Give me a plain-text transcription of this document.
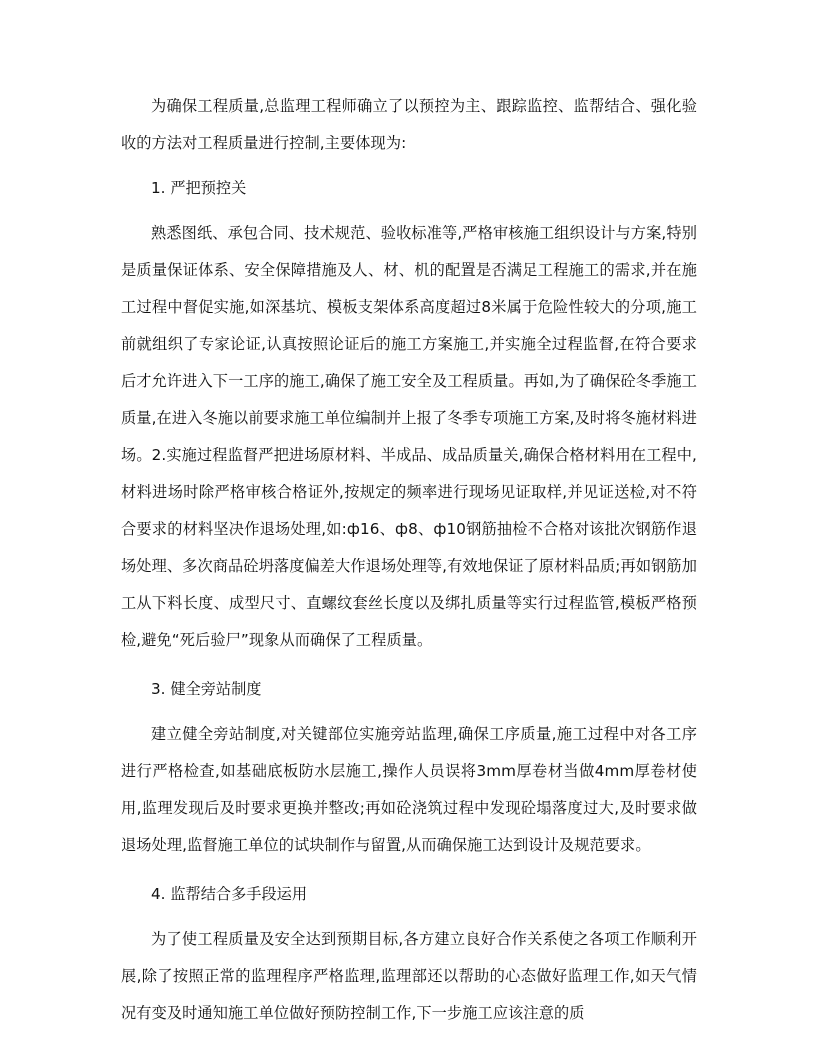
为确保工程质量,总监理工程师确立了以预控为主、跟踪监控、监帮结合、强化验收的方法对工程质量进行控制,主要体现为:

1. 严把预控关

熟悉图纸、承包合同、技术规范、验收标准等,严格审核施工组织设计与方案,特别是质量保证体系、安全保障措施及人、材、机的配置是否满足工程施工的需求,并在施工过程中督促实施,如深基坑、模板支架体系高度超过8米属于危险性较大的分项,施工前就组织了专家论证,认真按照论证后的施工方案施工,并实施全过程监督,在符合要求后才允许进入下一工序的施工,确保了施工安全及工程质量。再如,为了确保砼冬季施工质量,在进入冬施以前要求施工单位编制并上报了冬季专项施工方案,及时将冬施材料进场。2.实施过程监督严把进场原材料、半成品、成品质量关,确保合格材料用在工程中,材料进场时除严格审核合格证外,按规定的频率进行现场见证取样,并见证送检,对不符合要求的材料坚决作退场处理,如:ф16、ф8、ф10钢筋抽检不合格对该批次钢筋作退场处理、多次商品砼坍落度偏差大作退场处理等,有效地保证了原材料品质;再如钢筋加工从下料长度、成型尺寸、直螺纹套丝长度以及绑扎质量等实行过程监管,模板严格预检,避免“死后验尸”现象从而确保了工程质量。

3. 健全旁站制度

建立健全旁站制度,对关键部位实施旁站监理,确保工序质量,施工过程中对各工序进行严格检查,如基础底板防水层施工,操作人员误将3mm厚卷材当做4mm厚卷材使用,监理发现后及时要求更换并整改;再如砼浇筑过程中发现砼塌落度过大,及时要求做退场处理,监督施工单位的试块制作与留置,从而确保施工达到设计及规范要求。

4. 监帮结合多手段运用

为了使工程质量及安全达到预期目标,各方建立良好合作关系使之各项工作顺利开展,除了按照正常的监理程序严格监理,监理部还以帮助的心态做好监理工作,如天气情况有变及时通知施工单位做好预防控制工作,下一步施工应该注意的质
